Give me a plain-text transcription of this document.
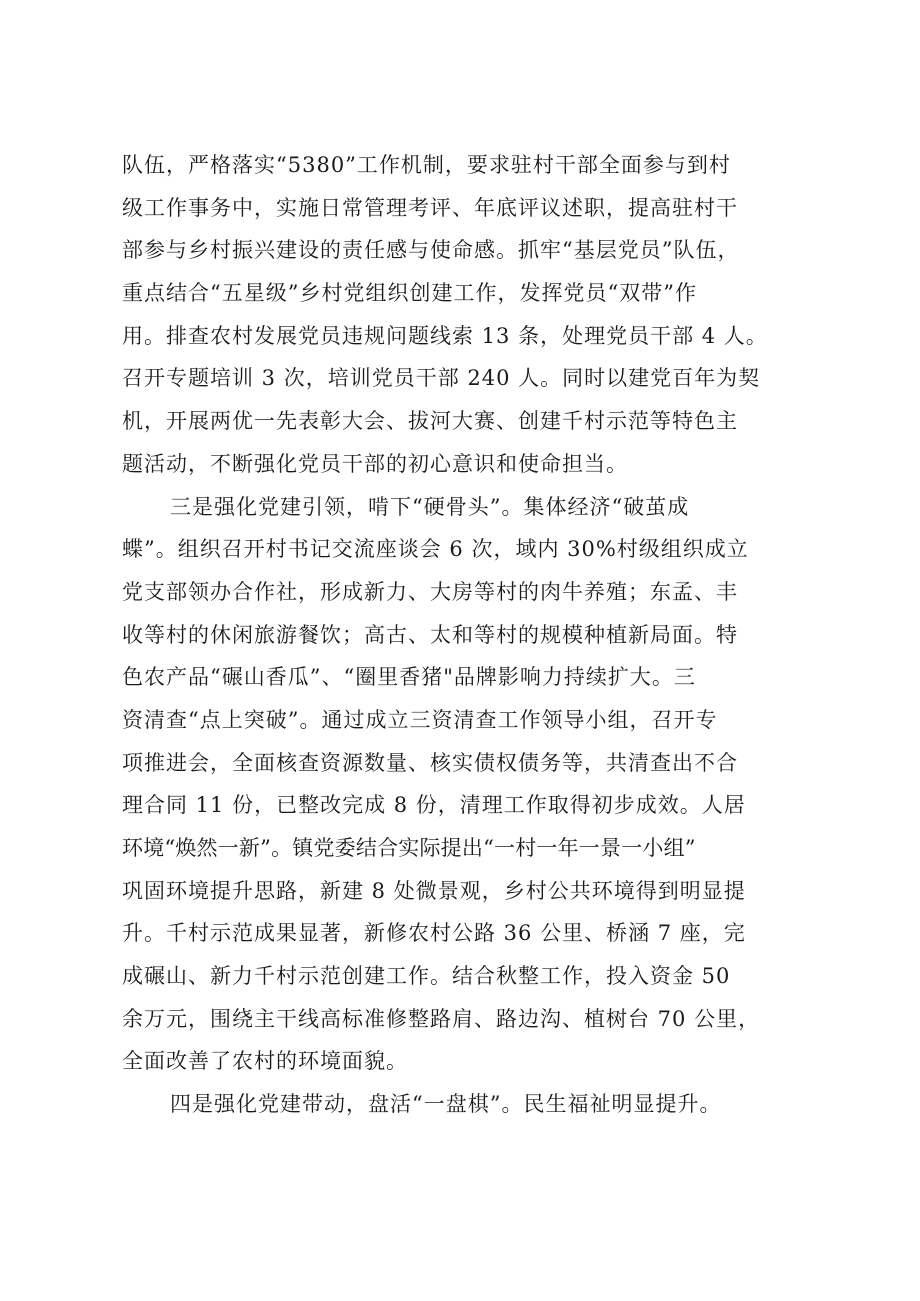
队伍，严格落实“5380”工作机制，要求驻村干部全面参与到村
级工作事务中，实施日常管理考评、年底评议述职，提高驻村干
部参与乡村振兴建设的责任感与使命感。抓牢“基层党员”队伍，
重点结合“五星级”乡村党组织创建工作，发挥党员“双带”作
用。排查农村发展党员违规问题线索 13 条，处理党员干部 4 人。
召开专题培训 3 次，培训党员干部 240 人。同时以建党百年为契
机，开展两优一先表彰大会、拔河大赛、创建千村示范等特色主
题活动，不断强化党员干部的初心意识和使命担当。
三是强化党建引领，啃下“硬骨头”。集体经济“破茧成
蝶”。组织召开村书记交流座谈会 6 次，域内 30%村级组织成立
党支部领办合作社，形成新力、大房等村的肉牛养殖；东孟、丰
收等村的休闲旅游餐饮；高古、太和等村的规模种植新局面。特
色农产品“碾山香瓜”、“圈里香猪"品牌影响力持续扩大。三
资清查“点上突破”。通过成立三资清查工作领导小组，召开专
项推进会，全面核查资源数量、核实债权债务等，共清查出不合
理合同 11 份，已整改完成 8 份，清理工作取得初步成效。人居
环境“焕然一新”。镇党委结合实际提出“一村一年一景一小组”
巩固环境提升思路，新建 8 处微景观，乡村公共环境得到明显提
升。千村示范成果显著，新修农村公路 36 公里、桥涵 7 座，完
成碾山、新力千村示范创建工作。结合秋整工作，投入资金 50
余万元，围绕主干线高标准修整路肩、路边沟、植树台 70 公里，
全面改善了农村的环境面貌。
四是强化党建带动，盘活“一盘棋”。民生福祉明显提升。
